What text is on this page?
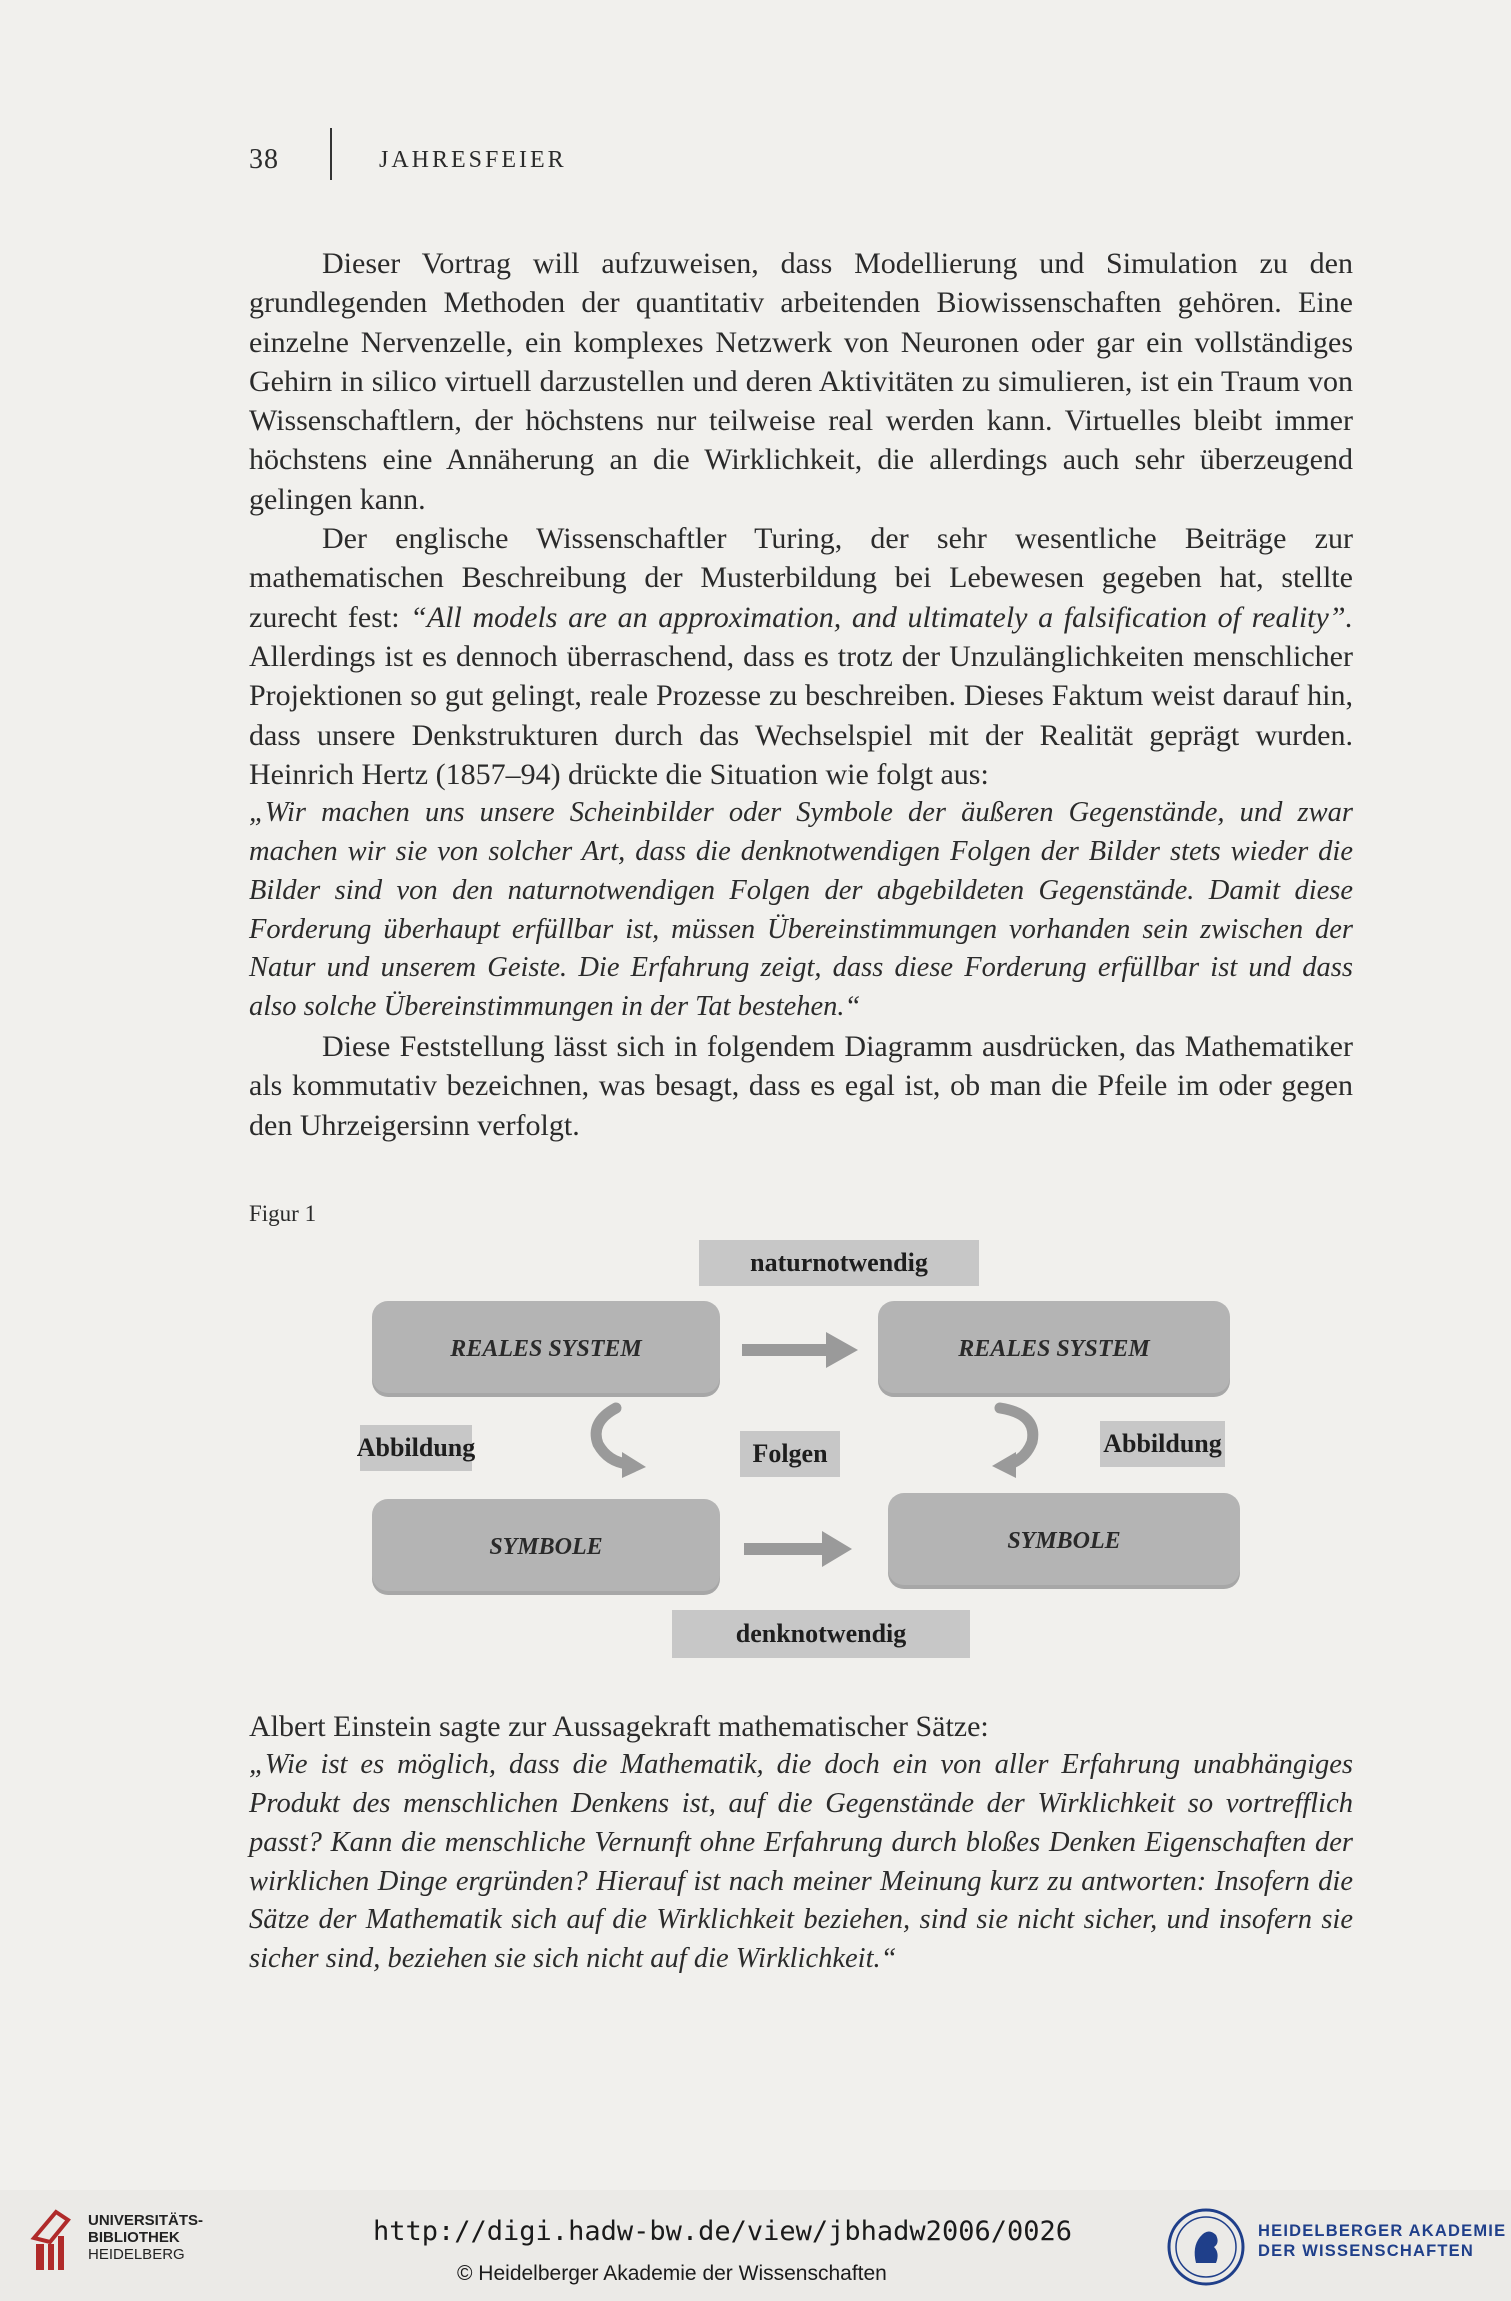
38	JAHRESFEIER

Dieser Vortrag will aufzuweisen, dass Modellierung und Simulation zu den grundlegenden Methoden der quantitativ arbeitenden Biowissenschaften gehören. Eine einzelne Nervenzelle, ein komplexes Netzwerk von Neuronen oder gar ein vollständiges Gehirn in silico virtuell darzustellen und deren Aktivitäten zu simulieren, ist ein Traum von Wissenschaftlern, der höchstens nur teilweise real werden kann. Virtuelles bleibt immer höchstens eine Annäherung an die Wirklichkeit, die allerdings auch sehr überzeugend gelingen kann.

Der englische Wissenschaftler Turing, der sehr wesentliche Beiträge zur mathematischen Beschreibung der Musterbildung bei Lebewesen gegeben hat, stellte zurecht fest: “All models are an approximation, and ultimately a falsification of reality”. Allerdings ist es dennoch überraschend, dass es trotz der Unzulänglichkeiten menschlicher Projektionen so gut gelingt, reale Prozesse zu beschreiben. Dieses Faktum weist darauf hin, dass unsere Denkstrukturen durch das Wechselspiel mit der Realität geprägt wurden. Heinrich Hertz (1857–94) drückte die Situation wie folgt aus:

„Wir machen uns unsere Scheinbilder oder Symbole der äußeren Gegenstände, und zwar machen wir sie von solcher Art, dass die denknotwendigen Folgen der Bilder stets wieder die Bilder sind von den naturnotwendigen Folgen der abgebildeten Gegenstände. Damit diese Forderung überhaupt erfüllbar ist, müssen Übereinstimmungen vorhanden sein zwischen der Natur und unserem Geiste. Die Erfahrung zeigt, dass diese Forderung erfüllbar ist und dass also solche Übereinstimmungen in der Tat bestehen.“

Diese Feststellung lässt sich in folgendem Diagramm ausdrücken, das Mathematiker als kommutativ bezeichnen, was besagt, dass es egal ist, ob man die Pfeile im oder gegen den Uhrzeigersinn verfolgt.

Figur 1
naturnotwendig
REALES SYSTEM	REALES SYSTEM
Abbildung	Folgen	Abbildung
SYMBOLE	SYMBOLE
denknotwendig

Albert Einstein sagte zur Aussagekraft mathematischer Sätze:

„Wie ist es möglich, dass die Mathematik, die doch ein von aller Erfahrung unabhängiges Produkt des menschlichen Denkens ist, auf die Gegenstände der Wirklichkeit so vortrefflich passt? Kann die menschliche Vernunft ohne Erfahrung durch bloßes Denken Eigenschaften der wirklichen Dinge ergründen? Hierauf ist nach meiner Meinung kurz zu antworten: Insofern die Sätze der Mathematik sich auf die Wirklichkeit beziehen, sind sie nicht sicher, und insofern sie sicher sind, beziehen sie sich nicht auf die Wirklichkeit.“

UNIVERSITÄTS-
BIBLIOTHEK
HEIDELBERG
http://digi.hadw-bw.de/view/jbhadw2006/0026
© Heidelberger Akademie der Wissenschaften
HEIDELBERGER AKADEMIE
DER WISSENSCHAFTEN
